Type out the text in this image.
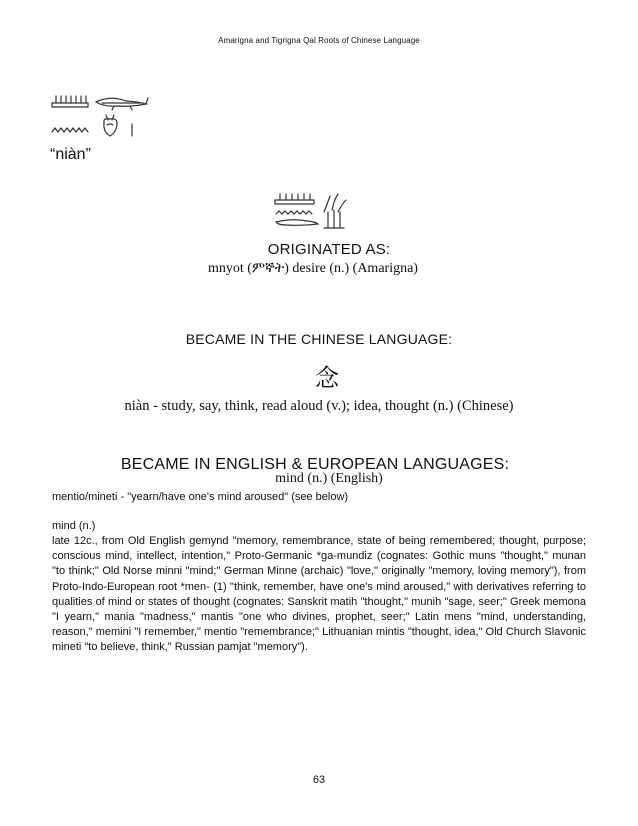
Amarigna and Tigrigna Qal Roots of Chinese Language
“niàn”
ORIGINATED AS:
mnyot (ምኞት) desire (n.) (Amarigna)
BECAME IN THE CHINESE LANGUAGE:
念
niàn - study, say, think, read aloud (v.); idea, thought (n.) (Chinese)
BECAME IN ENGLISH & EUROPEAN LANGUAGES:
mind (n.) (English)
mentio/mineti - "yearn/have one's mind aroused" (see below)
mind (n.)
late 12c., from Old English gemynd "memory, remembrance, state of being remembered; thought, purpose; conscious mind, intellect, intention," Proto-Germanic *ga-mundiz (cognates: Gothic muns "thought," munan "to think;" Old Norse minni "mind;" German Minne (archaic) "love," originally "memory, loving memory"), from Proto-Indo-European root *men- (1) "think, remember, have one's mind aroused," with derivatives referring to qualities of mind or states of thought (cognates: Sanskrit matih "thought," munih "sage, seer;" Greek memona "I yearn," mania "madness," mantis "one who divines, prophet, seer;" Latin mens "mind, understanding, reason," memini "I remember," mentio "remembrance;" Lithuanian mintis "thought, idea," Old Church Slavonic mineti "to believe, think," Russian pamjat "memory").
63
